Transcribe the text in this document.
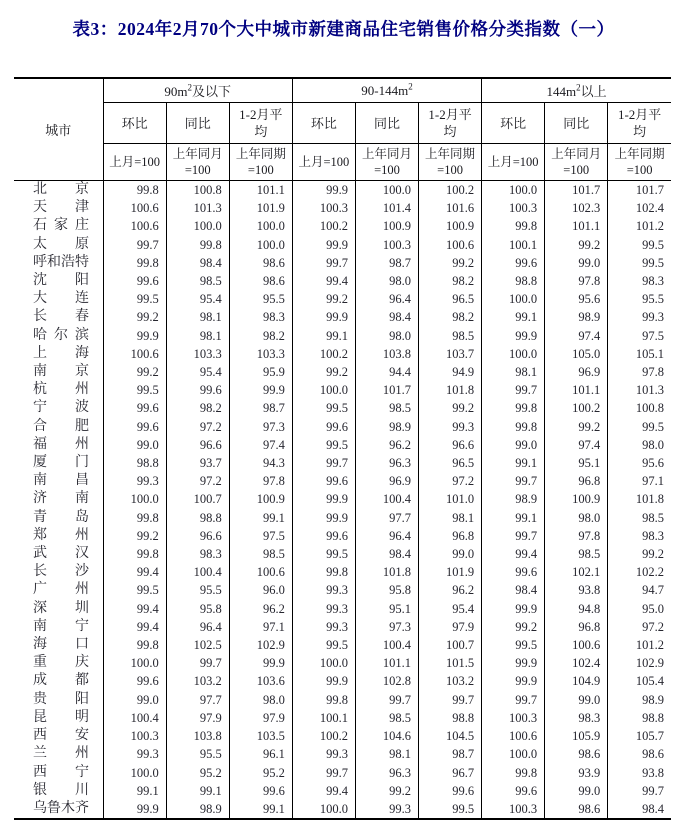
表3：2024年2月70个大中城市新建商品住宅销售价格分类指数（一）
城市	$90m^2$及以下			$90-144m^2$			$144m^2$以上		
	环比	同比	1-2月平均	环比	同比	1-2月平均	环比	同比	1-2月平均
	上月=100	上年同月=100	上年同期=100	上月=100	上年同月=100	上年同期=100	上月=100	上年同月=100	上年同期=100

北 京	99.8	100.8	101.1	99.9	100.0	100.2	100.0	101.7	101.7

天 津	100.6	101.3	101.9	100.3	101.4	101.6	100.3	102.3	102.4

石 家 庄	100.6	100.0	100.0	100.2	100.9	100.9	99.8	101.1	101.2

太 原	99.7	99.8	100.0	99.9	100.3	100.6	100.1	99.2	99.5

呼 和 浩 特	99.8	98.4	98.6	99.7	98.7	99.2	99.6	99.0	99.5

沈 阳	99.6	98.5	98.6	99.4	98.0	98.2	98.8	97.8	98.3

大 连	99.5	95.4	95.5	99.2	96.4	96.5	100.0	95.6	95.5

长 春	99.2	98.1	98.3	99.9	98.4	98.2	99.1	98.9	99.3

哈 尔 滨	99.9	98.1	98.2	99.1	98.0	98.5	99.9	97.4	97.5

上 海	100.6	103.3	103.3	100.2	103.8	103.7	100.0	105.0	105.1

南 京	99.2	95.4	95.9	99.2	94.4	94.9	98.1	96.9	97.8

杭 州	99.5	99.6	99.9	100.0	101.7	101.8	99.7	101.1	101.3

宁 波	99.6	98.2	98.7	99.5	98.5	99.2	99.8	100.2	100.8

合 肥	99.6	97.2	97.3	99.6	98.9	99.3	99.8	99.2	99.5

福 州	99.0	96.6	97.4	99.5	96.2	96.6	99.0	97.4	98.0

厦 门	98.8	93.7	94.3	99.7	96.3	96.5	99.1	95.1	95.6

南 昌	99.3	97.2	97.8	99.6	96.9	97.2	99.7	96.8	97.1

济 南	100.0	100.7	100.9	99.9	100.4	101.0	98.9	100.9	101.8

青 岛	99.8	98.8	99.1	99.9	97.7	98.1	99.1	98.0	98.5

郑 州	99.2	96.6	97.5	99.6	96.4	96.8	99.7	97.8	98.3

武 汉	99.8	98.3	98.5	99.5	98.4	99.0	99.4	98.5	99.2

长 沙	99.4	100.4	100.6	99.8	101.8	101.9	99.6	102.1	102.2

广 州	99.5	95.5	96.0	99.3	95.8	96.2	98.4	93.8	94.7

深 圳	99.4	95.8	96.2	99.3	95.1	95.4	99.9	94.8	95.0

南 宁	99.4	96.4	97.1	99.3	97.3	97.9	99.2	96.8	97.2

海 口	99.8	102.5	102.9	99.5	100.4	100.7	99.5	100.6	101.2

重 庆	100.0	99.7	99.9	100.0	101.1	101.5	99.9	102.4	102.9

成 都	99.6	103.2	103.6	99.9	102.8	103.2	99.9	104.9	105.4

贵 阳	99.0	97.7	98.0	99.8	99.7	99.7	99.7	99.0	98.9

昆 明	100.4	97.9	97.9	100.1	98.5	98.8	100.3	98.3	98.8

西 安	100.3	103.8	103.5	100.2	104.6	104.5	100.6	105.9	105.7

兰 州	99.3	95.5	96.1	99.3	98.1	98.7	100.0	98.6	98.6

西 宁	100.0	95.2	95.2	99.7	96.3	96.7	99.8	93.9	93.8

银 川	99.1	99.1	99.6	99.4	99.2	99.6	99.6	99.0	99.7

乌 鲁 木 齐	99.9	98.9	99.1	100.0	99.3	99.5	100.3	98.6	98.4
